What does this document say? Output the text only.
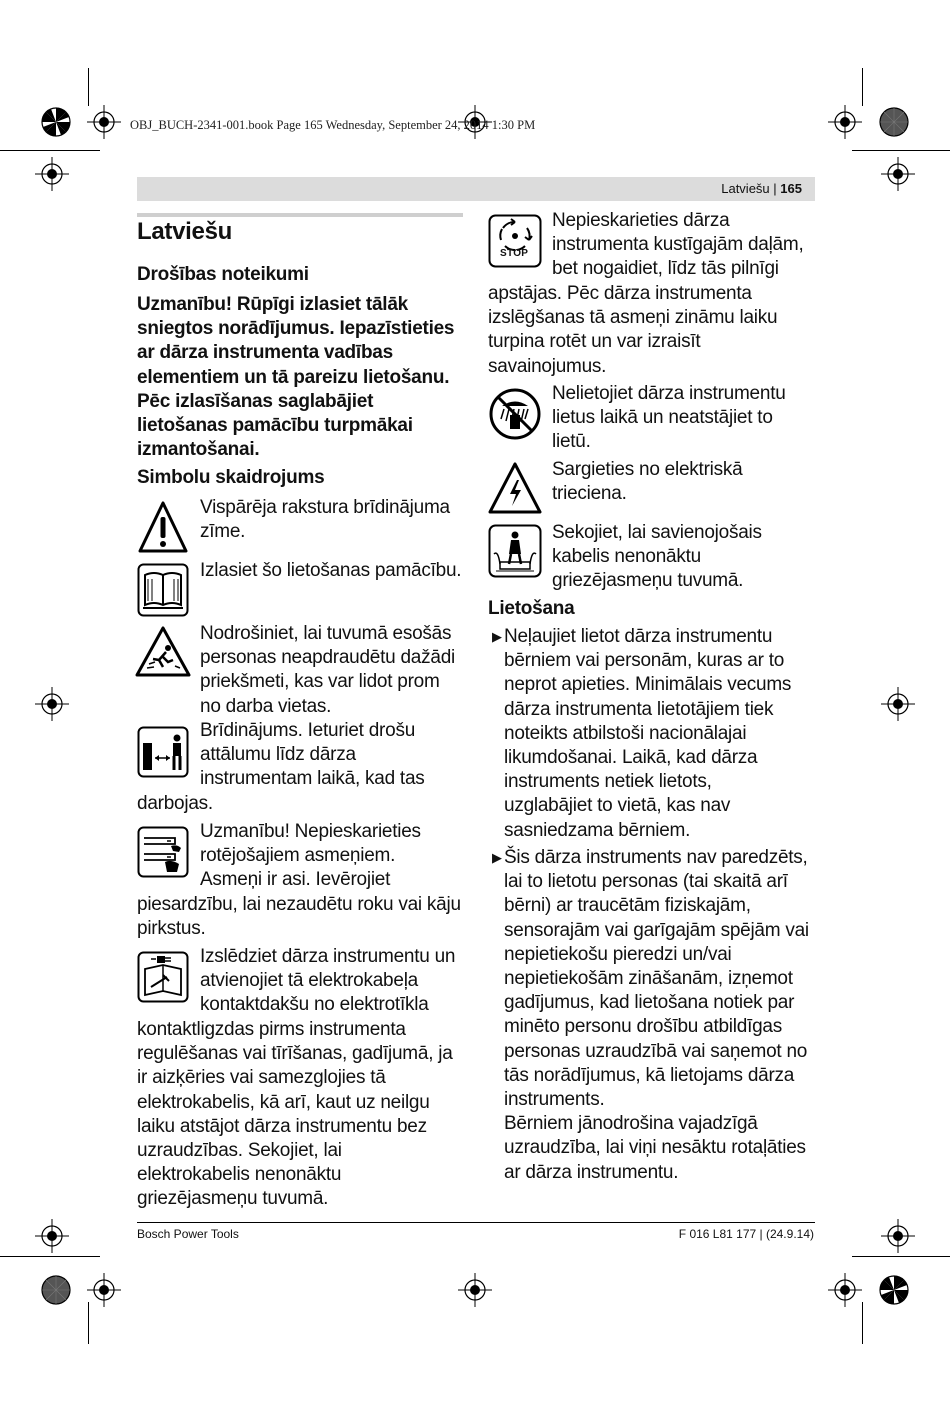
OBJ_BUCH-2341-001.book Page 165 Wednesday, September 24, 2014 1:30 PM
Latviešu | 165
Latviešu
Drošības noteikumi
Uzmanību! Rūpīgi izlasiet tālāk
sniegtos norādījumus. Iepazīstieties
ar dārza instrumenta vadības
elementiem un tā pareizu lietošanu.
Pēc izlasīšanas saglabājiet
lietošanas pamācību turpmākai
izmantošanai.
Simbolu skaidrojums
Vispārēja rakstura brīdinājuma
zīme.
Izlasiet šo lietošanas pamācību.
Nodrošiniet, lai tuvumā esošās
personas neapdraudētu dažādi
priekšmeti, kas var lidot prom
no darba vietas.
Brīdinājums. Ieturiet drošu
attālumu līdz dārza
instrumentam laikā, kad tas
darbojas.
Uzmanību! Nepieskarieties
rotējošajiem asmeņiem.
Asmeņi ir asi. Ievērojiet
piesardzību, lai nezaudētu roku vai kāju
pirkstus.
Izslēdziet dārza instrumentu un
atvienojiet tā elektrokabeļa
kontaktdakšu no elektrotīkla
kontaktligzdas pirms instrumenta
regulēšanas vai tīrīšanas, gadījumā, ja
ir aizķēries vai samezglojies tā
elektrokabelis, kā arī, kaut uz neilgu
laiku atstājot dārza instrumentu bez
uzraudzības. Sekojiet, lai
elektrokabelis nenonāktu
griezējasmeņu tuvumā.
STOP
Nepieskarieties dārza
instrumenta kustīgajām daļām,
bet nogaidiet, līdz tās pilnīgi
apstājas. Pēc dārza instrumenta
izslēgšanas tā asmeņi zināmu laiku
turpina rotēt un var izraisīt
savainojumus.
Nelietojiet dārza instrumentu
lietus laikā un neatstājiet to
lietū.
Sargieties no elektriskā
trieciena.
Sekojiet, lai savienojošais
kabelis nenonāktu
griezējasmeņu tuvumā.
Lietošana
▶ Neļaujiet lietot dārza instrumentu
bērniem vai personām, kuras ar to
neprot apieties. Minimālais vecums
dārza instrumenta lietotājiem tiek
noteikts atbilstoši nacionālajai
likumdošanai. Laikā, kad dārza
instruments netiek lietots,
uzglabājiet to vietā, kas nav
sasniedzama bērniem.
▶ Šis dārza instruments nav paredzēts,
lai to lietotu personas (tai skaitā arī
bērni) ar traucētām fiziskajām,
sensorajām vai garīgajām spējām vai
nepietiekošu pieredzi un/vai
nepietiekošām zināšanām, izņemot
gadījumus, kad lietošana notiek par
minēto personu drošību atbildīgas
personas uzraudzībā vai saņemot no
tās norādījumus, kā lietojams dārza
instruments.
Bērniem jānodrošina vajadzīgā
uzraudzība, lai viņi nesāktu rotaļāties
ar dārza instrumentu.
Bosch Power Tools	F 016 L81 177 | (24.9.14)
